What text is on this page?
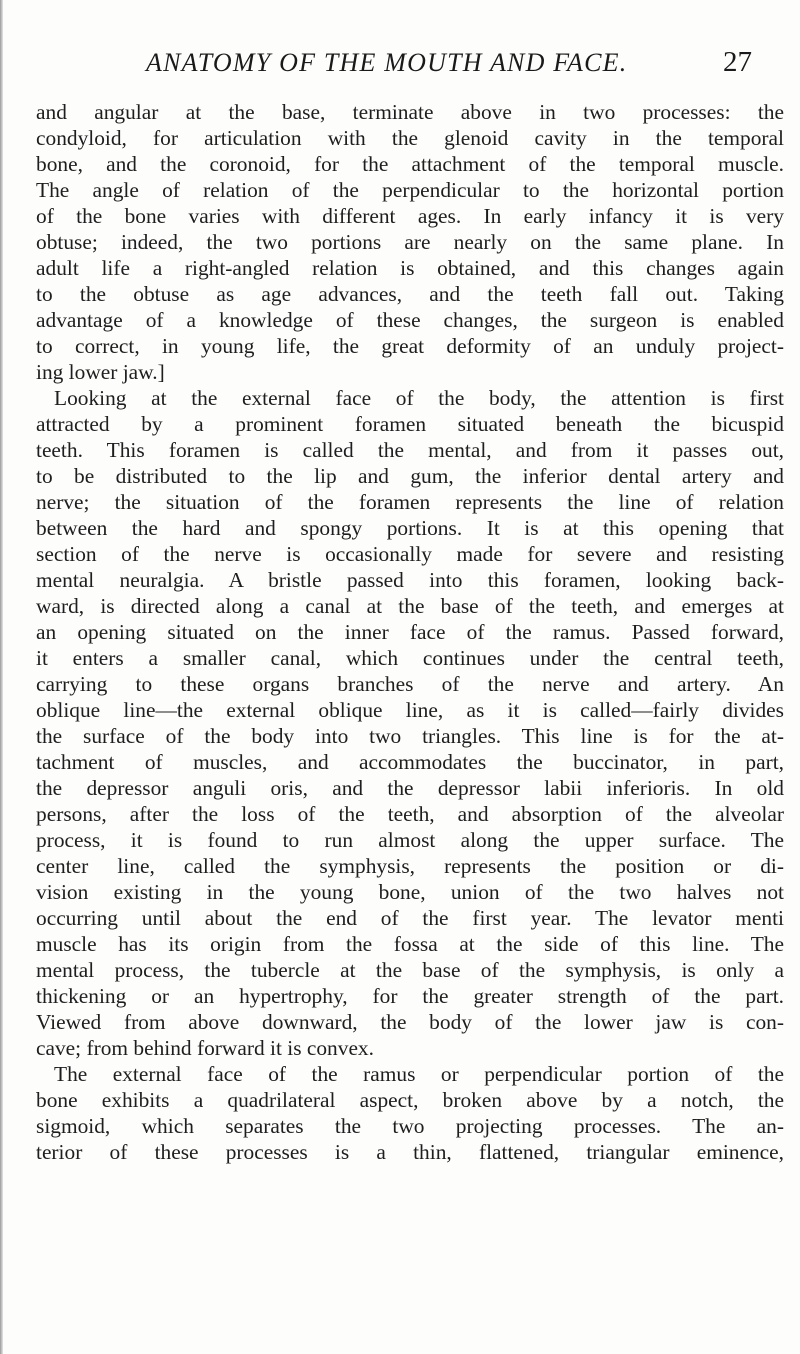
ANATOMY OF THE MOUTH AND FACE.	27
and angular at the base, terminate above in two processes: the
condyloid, for articulation with the glenoid cavity in the temporal
bone, and the coronoid, for the attachment of the temporal muscle.
The angle of relation of the perpendicular to the horizontal portion
of the bone varies with different ages. In early infancy it is very
obtuse; indeed, the two portions are nearly on the same plane. In
adult life a right-angled relation is obtained, and this changes again
to the obtuse as age advances, and the teeth fall out. Taking
advantage of a knowledge of these changes, the surgeon is enabled
to correct, in young life, the great deformity of an unduly project-
ing lower jaw.]
Looking at the external face of the body, the attention is first
attracted by a prominent foramen situated beneath the bicuspid
teeth. This foramen is called the mental, and from it passes out,
to be distributed to the lip and gum, the inferior dental artery and
nerve; the situation of the foramen represents the line of relation
between the hard and spongy portions. It is at this opening that
section of the nerve is occasionally made for severe and resisting
mental neuralgia. A bristle passed into this foramen, looking back-
ward, is directed along a canal at the base of the teeth, and emerges at
an opening situated on the inner face of the ramus. Passed forward,
it enters a smaller canal, which continues under the central teeth,
carrying to these organs branches of the nerve and artery. An
oblique line—the external oblique line, as it is called—fairly divides
the surface of the body into two triangles. This line is for the at-
tachment of muscles, and accommodates the buccinator, in part,
the depressor anguli oris, and the depressor labii inferioris. In old
persons, after the loss of the teeth, and absorption of the alveolar
process, it is found to run almost along the upper surface. The
center line, called the symphysis, represents the position or di-
vision existing in the young bone, union of the two halves not
occurring until about the end of the first year. The levator menti
muscle has its origin from the fossa at the side of this line. The
mental process, the tubercle at the base of the symphysis, is only a
thickening or an hypertrophy, for the greater strength of the part.
Viewed from above downward, the body of the lower jaw is con-
cave; from behind forward it is convex.
The external face of the ramus or perpendicular portion of the
bone exhibits a quadrilateral aspect, broken above by a notch, the
sigmoid, which separates the two projecting processes. The an-
terior of these processes is a thin, flattened, triangular eminence,
